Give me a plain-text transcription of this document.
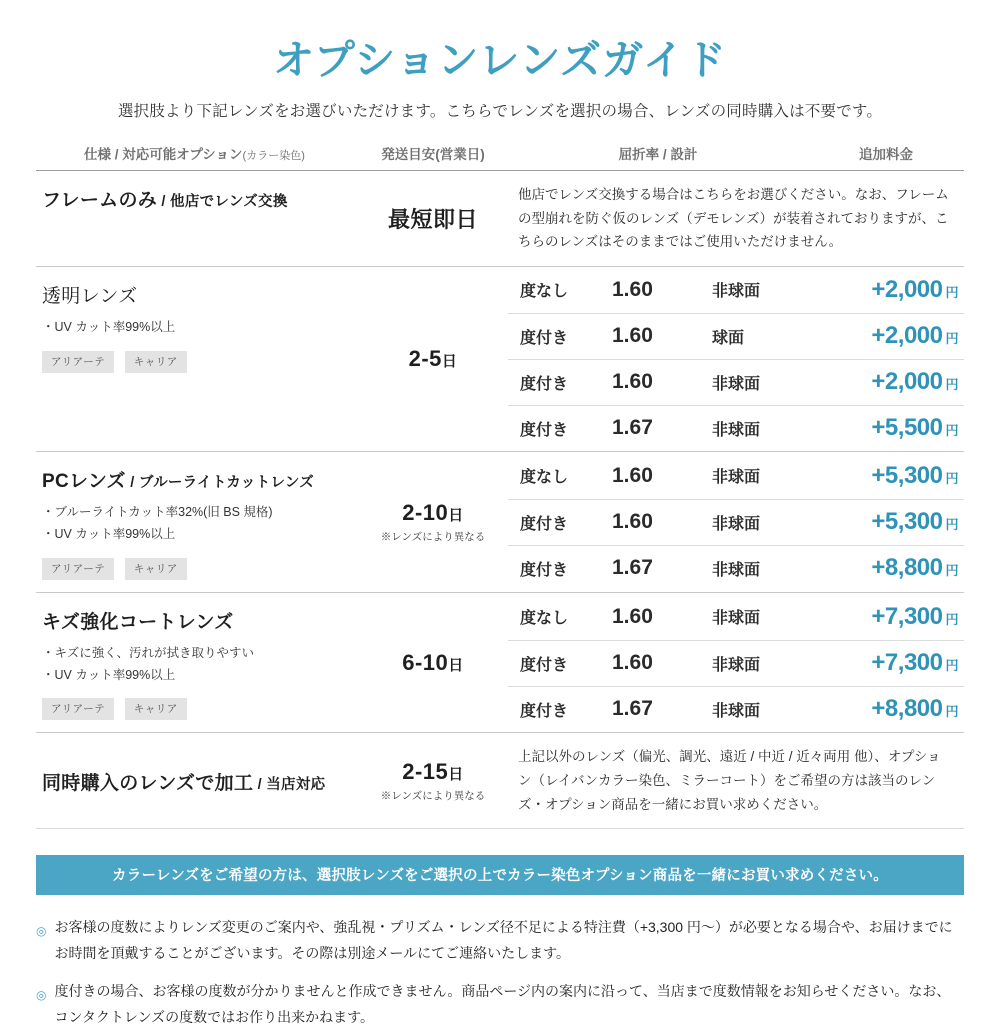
オプションレンズガイド
選択肢より下記レンズをお選びいただけます。こちらでレンズを選択の場合、レンズの同時購入は不要です。
仕様 / 対応可能オプション(カラー染色)	発送目安(営業日)	屈折率 / 設計	追加料金
フレームのみ / 他店でレンズ交換
最短即日
他店でレンズ交換する場合はこちらをお選びください。なお、フレームの型崩れを防ぐ仮のレンズ（デモレンズ）が装着されておりますが、こちらのレンズはそのままではご使用いただけません。
透明レンズ
・UV カット率99%以上
アリアーテ	キャリア	2-5日
度なし	1.60	非球面	+2,000 円
度付き	1.60	球面	+2,000 円
度付き	1.60	非球面	+2,000 円
度付き	1.67	非球面	+5,500 円
PCレンズ / ブルーライトカットレンズ
・ブルーライトカット率32%(旧 BS 規格)
・UV カット率99%以上
アリアーテ	キャリア
2-10日
※レンズにより異なる
度なし	1.60	非球面	+5,300 円
度付き	1.60	非球面	+5,300 円
度付き	1.67	非球面	+8,800 円
キズ強化コートレンズ
・キズに強く、汚れが拭き取りやすい
・UV カット率99%以上
アリアーテ	キャリア
6-10日
度なし	1.60	非球面	+7,300 円
度付き	1.60	非球面	+7,300 円
度付き	1.67	非球面	+8,800 円
同時購入のレンズで加工 / 当店対応
2-15日
※レンズにより異なる
上記以外のレンズ（偏光、調光、遠近 / 中近 / 近々両用 他）、オプション（レイバンカラー染色、ミラーコート）をご希望の方は該当のレンズ・オプション商品を一緒にお買い求めください。
カラーレンズをご希望の方は、選択肢レンズをご選択の上でカラー染色オプション商品を一緒にお買い求めください。
◎ お客様の度数によりレンズ変更のご案内や、強乱視・プリズム・レンズ径不足による特注費（+3,300 円～）が必要となる場合や、お届けまでにお時間を頂戴することがございます。その際は別途メールにてご連絡いたします。
◎ 度付きの場合、お客様の度数が分かりませんと作成できません。商品ページ内の案内に沿って、当店まで度数情報をお知らせください。なお、コンタクトレンズの度数ではお作り出来かねます。
